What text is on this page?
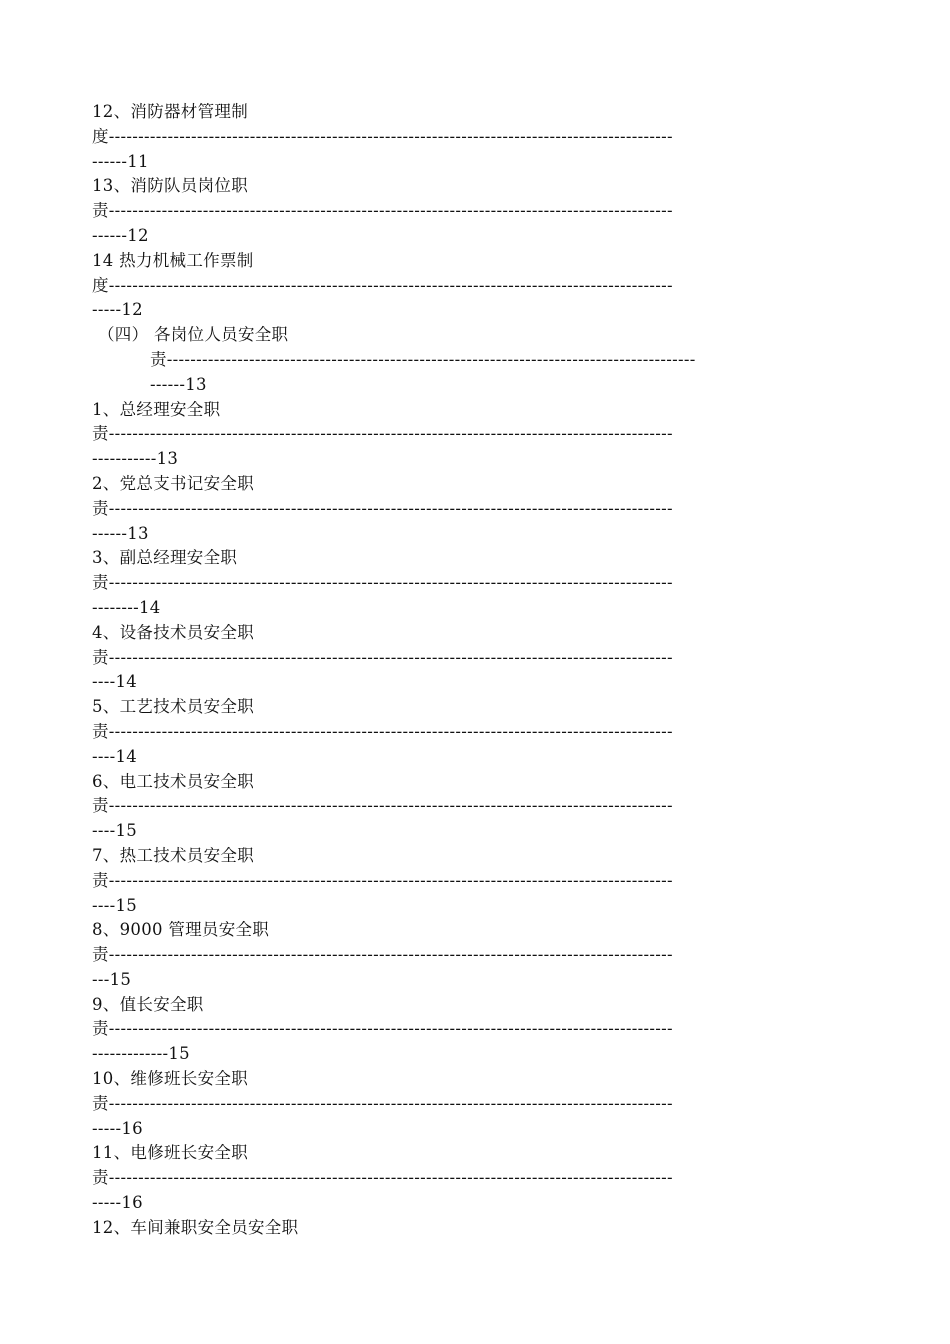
12、消防器材管理制
度------------------------------------------------------------------------------------------------
------11
13、消防队员岗位职
责------------------------------------------------------------------------------------------------
------12
14 热力机械工作票制
度------------------------------------------------------------------------------------------------
-----12
（四） 各岗位人员安全职
责------------------------------------------------------------------------------------------
------13
1、总经理安全职
责------------------------------------------------------------------------------------------------
-----------13
2、党总支书记安全职
责------------------------------------------------------------------------------------------------
------13
3、副总经理安全职
责------------------------------------------------------------------------------------------------
--------14
4、设备技术员安全职
责------------------------------------------------------------------------------------------------
----14
5、工艺技术员安全职
责------------------------------------------------------------------------------------------------
----14
6、电工技术员安全职
责------------------------------------------------------------------------------------------------
----15
7、热工技术员安全职
责------------------------------------------------------------------------------------------------
----15
8、9000 管理员安全职
责------------------------------------------------------------------------------------------------
---15
9、值长安全职
责------------------------------------------------------------------------------------------------
-------------15
10、维修班长安全职
责------------------------------------------------------------------------------------------------
-----16
11、电修班长安全职
责------------------------------------------------------------------------------------------------
-----16
12、车间兼职安全员安全职
